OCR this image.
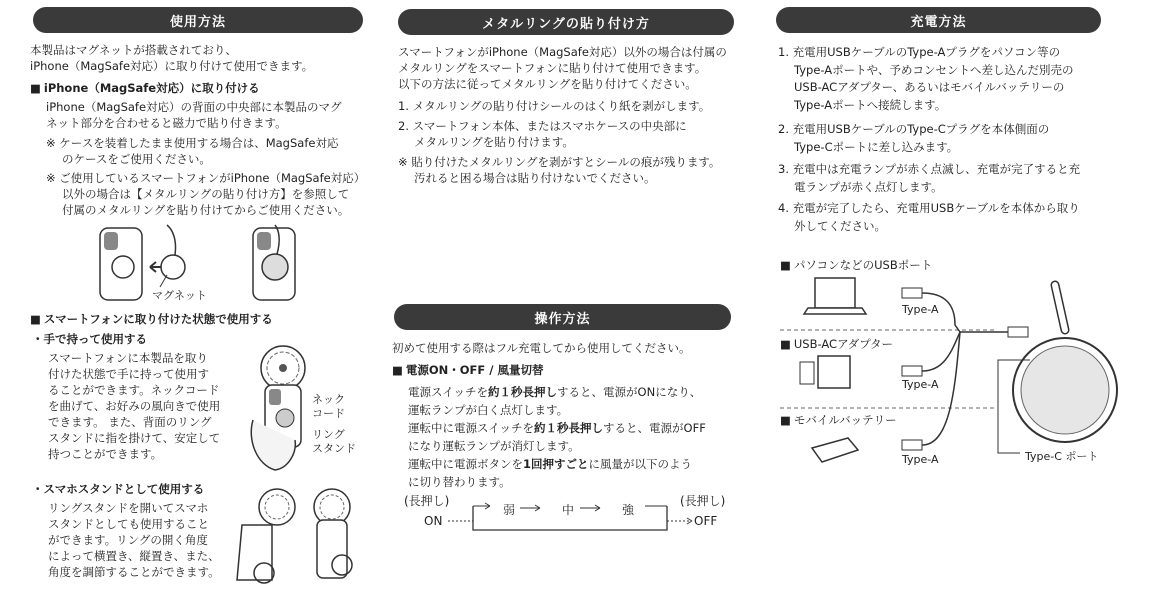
使用方法
本製品はマグネットが搭載されており、
iPhone（MagSafe対応）に取り付けて使用できます。
■ iPhone（MagSafe対応）に取り付ける
iPhone（MagSafe対応）の背面の中央部に本製品のマグ
ネット部分を合わせると磁力で貼り付きます。
※ ケースを装着したまま使用する場合は、MagSafe対応
のケースをご使用ください。
※ ご使用しているスマートフォンがiPhone（MagSafe対応）
以外の場合は【メタルリングの貼り付け方】を参照して
付属のメタルリングを貼り付けてからご使用ください。
マグネット
■ スマートフォンに取り付けた状態で使用する
・手で持って使用する
スマートフォンに本製品を取り
付けた状態で手に持って使用す
ることができます。ネックコード
を曲げて、お好みの風向きで使用
できます。 また、背面のリング
スタンドに指を掛けて、安定して
持つことができます。
ネック
コード
リング
スタンド
・スマホスタンドとして使用する
リングスタンドを開いてスマホ
スタンドとしても使用すること
ができます。リングの開く角度
によって横置き、縦置き、また、
角度を調節することができます。
メタルリングの貼り付け方
スマートフォンがiPhone（MagSafe対応）以外の場合は付属の
メタルリングをスマートフォンに貼り付けて使用できます。
以下の方法に従ってメタルリングを貼り付けてください。
1. メタルリングの貼り付けシールのはくり紙を剥がします。
2. スマートフォン本体、またはスマホケースの中央部に
メタルリングを貼り付けます。
※ 貼り付けたメタルリングを剥がすとシールの痕が残ります。
汚れると困る場合は貼り付けないでください。
操作方法
初めて使用する際はフル充電してから使用してください。
■ 電源ON・OFF / 風量切替
電源スイッチを約１秒長押しすると、電源がONになり、
運転ランプが白く点灯します。
運転中に電源スイッチを約１秒長押しすると、電源がOFF
になり運転ランプが消灯します。
運転中に電源ボタンを1回押すごとに風量が以下のよう
に切り替わります。
(長押し)
ON
弱	中	強
(長押し)
OFF
充電方法
1. 充電用USBケーブルのType-Aプラグをパソコン等の
Type-Aポートや、予めコンセントへ差し込んだ別売の
USB-ACアダプター、あるいはモバイルバッテリーの
Type-Aポートへ接続します。
2. 充電用USBケーブルのType-Cプラグを本体側面の
Type-Cポートに差し込みます。
3. 充電中は充電ランプが赤く点滅し、充電が完了すると充
電ランプが赤く点灯します。
4. 充電が完了したら、充電用USBケーブルを本体から取り
外してください。
■ パソコンなどのUSBポート
■ USB-ACアダプター
■ モバイルバッテリー
Type-A
Type-A
Type-A	Type-C ポート
